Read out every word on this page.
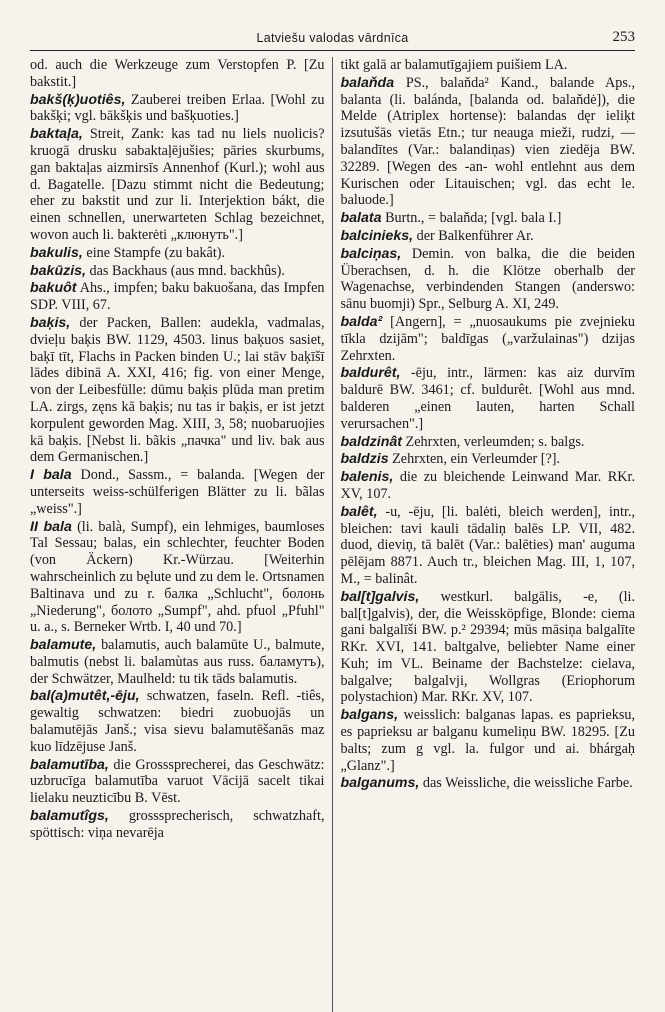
Latviešu valodas vārdnīca	253

od. auch die Werkzeuge zum Verstopfen P. [Zu bakstit.]

bakš(ķ)uotiês, Zauberei treiben Erlaa. [Wohl zu bakšķi; vgl. bākšķis und bašķuoties.]

baktaļa, Streit, Zank: kas tad nu liels nuolicis? kruogā drusku sabaktaļējušies; pāries skurbums, gan baktaļas aizmirsīs Annenhof (Kurl.); wohl aus d. Bagatelle. [Dazu stimmt nicht die Bedeutung; eher zu bakstit und zur li. Interjektion bákt, die einen schnellen, unerwarteten Schlag bezeichnet, wovon auch li. bakterėti „клюнуть".]

bakulis, eine Stampfe (zu bakât).

bakūzis, das Backhaus (aus mnd. backhûs).

bakuôt Ahs., impfen; baku bakuošana, das Impfen SDP. VIII, 67.

baķis, der Packen, Ballen: audekla, vadmalas, dvieļu baķis BW. 1129, 4503. linus baķuos sasiet, baķī tīt, Flachs in Packen binden U.; lai stāv baķīšī lādes dibinā A. XXI, 416; fig. von einer Menge, von der Leibesfülle: dūmu baķis plūda man pretim LA. zirgs, zęns kā baķis; nu tas ir baķis, er ist jetzt korpulent geworden Mag. XIII, 3, 58; nuobaruojies kā baķis. [Nebst li. bãkis „пачка" und liv. bak aus dem Germanischen.]

I bala Dond., Sassm., = balanda. [Wegen der unterseits weiss-schülferigen Blätter zu li. bãlas „weiss".]

II bala (li. balà, Sumpf), ein lehmiges, baumloses Tal Sessau; balas, ein schlechter, feuchter Boden (von Äckern) Kr.-Würzau. [Weiterhin wahrscheinlich zu bęlute und zu dem le. Ortsnamen Baltinava und zu r. балка „Schlucht", болонь „Niederung", болото „Sumpf", ahd. pfuol „Pfuhl" u. a., s. Berneker Wrtb. I, 40 und 70.]

balamute, balamutis, auch balamūte U., balmute, balmutis (nebst li. balamùtas aus russ. баламутъ), der Schwätzer, Maulheld: tu tik tāds balamutis.

bal(a)mutêt,-ēju, schwatzen, faseln. Refl. -tiês, gewaltig schwatzen: biedri zuobuojās un balamutējās Janš.; visa sievu balamutēšanās maz kuo līdzējuse Janš.

balamutība, die Grosssprecherei, das Geschwätz: uzbrucīga balamutība varuot Vācijā sacelt tikai lielaku neuzticību B. Vēst.

balamutîgs, grosssprecherisch, schwatzhaft, spöttisch: viņa nevarēja

tikt galā ar balamutīgajiem puišiem LA.

balaňda PS., balaňda² Kand., balande Aps., balanta (li. balánda, [balanda od. balaňdė]), die Melde (Atriplex hortense): balandas dęr ieliķt izsutušās vietās Etn.; tur neauga mieži, rudzi, — balandītes (Var.: balandiņas) vien ziedēja BW. 32289. [Wegen des -an- wohl entlehnt aus dem Kurischen oder Litauischen; vgl. das echt le. baluode.]

balata Burtn., = balaňda; [vgl. bala I.]

balcinieks, der Balkenführer Ar.

balciņas, Demin. von balka, die die beiden Überachsen, d. h. die Klötze oberhalb der Wagenachse, verbindenden Stangen (anderswo: sānu buomji) Spr., Selburg A. XI, 249.

balda² [Angern], = „nuosaukums pie zvejnieku tīkla dzijām"; baldīgas („varžulainas") dzijas Zehrxten.

baldurêt, -ēju, intr., lärmen: kas aiz durvīm baldurē BW. 3461; cf. buldurêt. [Wohl aus mnd. balderen „einen lauten, harten Schall verursachen".]

baldzinât Zehrxten, verleumden; s. balgs.

baldzis Zehrxten, ein Verleumder [?].

balenis, die zu bleichende Leinwand Mar. RKr. XV, 107.

balêt, -u, -ēju, [li. balėti, bleich werden], intr., bleichen: tavi kauli tādaliņ balēs LP. VII, 482. duod, dieviņ, tā balēt (Var.: balēties) man' auguma pēlējam 8871. Auch tr., bleichen Mag. III, 1, 107, M., = balinât.

bal[t]galvis, westkurl. balgālis, -e, (li. bal[t]galvis), der, die Weissköpfige, Blonde: ciema gani balgalīši BW. p.² 29394; mūs māsiņa balgalīte RKr. XVI, 141. baltgalve, beliebter Name einer Kuh; im VL. Beiname der Bachstelze: cielava, balgalve; balgalvji, Wollgras (Eriophorum polystachion) Mar. RKr. XV, 107.

balgans, weisslich: balganas lapas. es paprieksu, es paprieksu ar balganu kumeliņu BW. 18295. [Zu balts; zum g vgl. la. fulgor und ai. bhárgaḥ „Glanz".]

balganums, das Weissliche, die weissliche Farbe.
